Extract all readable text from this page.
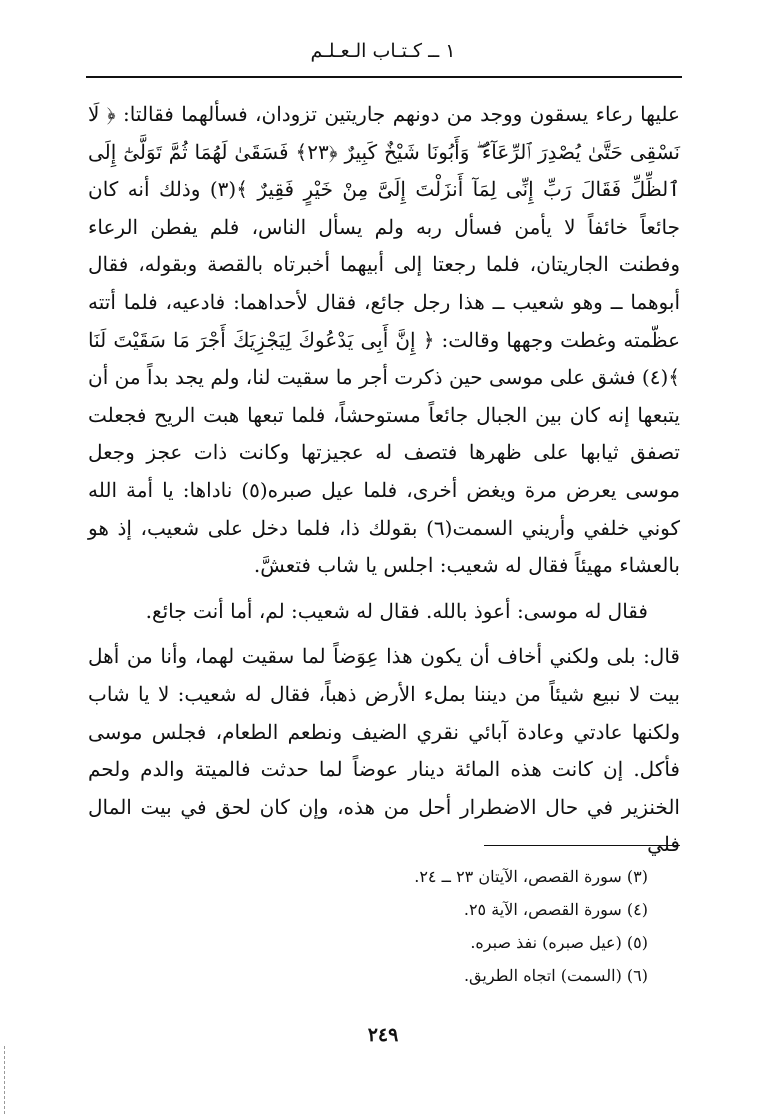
١ ــ كـتـاب الـعـلـم

عليها رعاء يسقون ووجد من دونهم جاريتين تزودان، فسألهما فقالتا: ﴿ لَا نَسْقِى حَتَّىٰ يُصْدِرَ ٱلرِّعَآءُ ۖ وَأَبُونَا شَيْخٌ كَبِيرٌ ﴿٢٣﴾ فَسَقَىٰ لَهُمَا ثُمَّ تَوَلَّىٰٓ إِلَى ٱلظِّلِّ فَقَالَ رَبِّ إِنِّى لِمَآ أَنزَلْتَ إِلَىَّ مِنْ خَيْرٍ فَقِيرٌ ﴾(٣) وذلك أنه كان جائعاً خائفاً لا يأمن فسأل ربه ولم يسأل الناس، فلم يفطن الرعاء وفطنت الجاريتان، فلما رجعتا إلى أبيهما أخبرتاه بالقصة وبقوله، فقال أبوهما ــ وهو شعيب ــ هذا رجل جائع، فقال لأحداهما: فادعيه، فلما أتته عظّمته وغطت وجهها وقالت: ﴿ إِنَّ أَبِى يَدْعُوكَ لِيَجْزِيَكَ أَجْرَ مَا سَقَيْتَ لَنَا ﴾(٤) فشق على موسى حين ذكرت أجر ما سقيت لنا، ولم يجد بداً من أن يتبعها إنه كان بين الجبال جائعاً مستوحشاً، فلما تبعها هبت الريح فجعلت تصفق ثيابها على ظهرها فتصف له عجيزتها وكانت ذات عجز وجعل موسى يعرض مرة ويغض أخرى، فلما عيل صبره(٥) ناداها: يا أمة الله كوني خلفي وأريني السمت(٦) بقولك ذا، فلما دخل على شعيب، إذ هو بالعشاء مهيئاً فقال له شعيب: اجلس يا شاب فتعشَّ.

فقال له موسى: أعوذ بالله. فقال له شعيب: لم، أما أنت جائع.

قال: بلى ولكني أخاف أن يكون هذا عِوَضاً لما سقيت لهما، وأنا من أهل بيت لا نبيع شيئاً من ديننا بملء الأرض ذهباً، فقال له شعيب: لا يا شاب ولكنها عادتي وعادة آبائي نقري الضيف ونطعم الطعام، فجلس موسى فأكل. إن كانت هذه المائة دينار عوضاً لما حدثت فالميتة والدم ولحم الخنزير في حال الاضطرار أحل من هذه، وإن كان لحق في بيت المال فلي

(٣) سورة القصص، الآيتان ٢٣ ــ ٢٤.
(٤) سورة القصص، الآية ٢٥.
(٥) (عيل صبره) نفذ صبره.
(٦) (السمت) اتجاه الطريق.
٢٤٩
